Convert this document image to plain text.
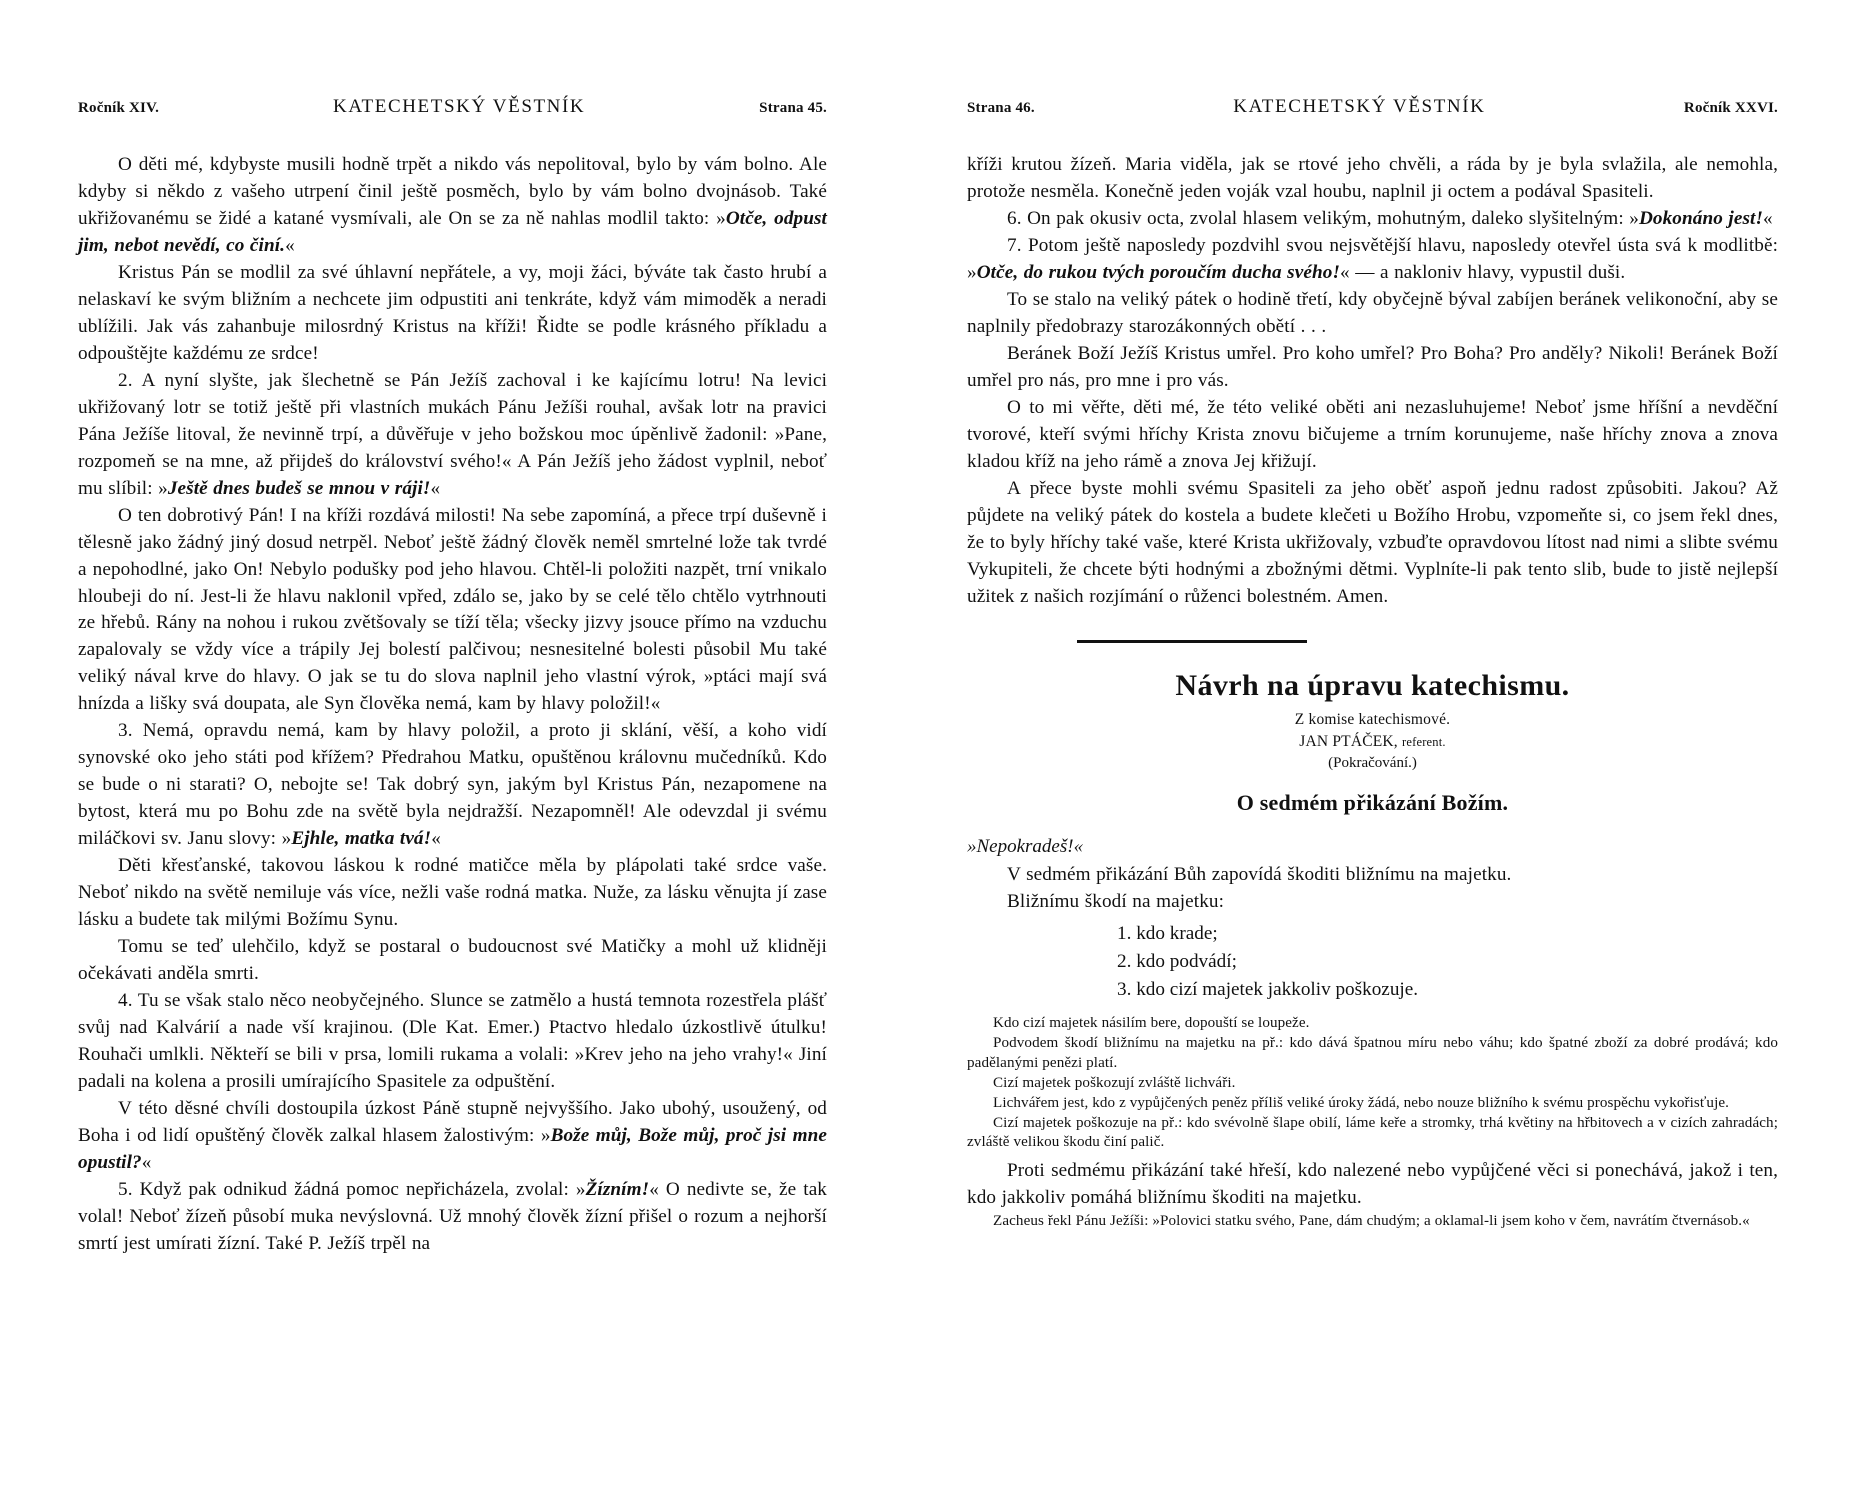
Ročník XIV.	KATECHETSKÝ VĚSTNÍK	Strana 45.

O děti mé, kdybyste musili hodně trpět a nikdo vás nepolitoval, bylo by vám bolno. Ale kdyby si někdo z vašeho utrpení činil ještě posměch, bylo by vám bolno dvojnásob. Také ukřižovanému se židé a katané vysmívali, ale On se za ně nahlas modlil takto: »Otče, odpust jim, nebot nevědí, co činí.«

Kristus Pán se modlil za své úhlavní nepřátele, a vy, moji žáci, býváte tak často hrubí a nelaskaví ke svým bližním a nechcete jim odpustiti ani tenkráte, když vám mimoděk a neradi ublížili. Jak vás zahanbuje milosrdný Kristus na kříži! Řidte se podle krásného příkladu a odpouštějte každému ze srdce!

2. A nyní slyšte, jak šlechetně se Pán Ježíš zachoval i ke kajícímu lotru! Na levici ukřižovaný lotr se totiž ještě při vlastních mukách Pánu Ježíši rouhal, avšak lotr na pravici Pána Ježíše litoval, že nevinně trpí, a důvěřuje v jeho božskou moc úpěnlivě žadonil: »Pane, rozpomeň se na mne, až přijdeš do království svého!« A Pán Ježíš jeho žádost vyplnil, neboť mu slíbil: »Ještě dnes budeš se mnou v ráji!«

O ten dobrotivý Pán! I na kříži rozdává milosti! Na sebe zapomíná, a přece trpí duševně i tělesně jako žádný jiný dosud netrpěl. Neboť ještě žádný člověk neměl smrtelné lože tak tvrdé a nepohodlné, jako On! Nebylo podušky pod jeho hlavou. Chtěl-li položiti nazpět, trní vnikalo hloubeji do ní. Jest-li že hlavu naklonil vpřed, zdálo se, jako by se celé tělo chtělo vytrhnouti ze hřebů. Rány na nohou i rukou zvětšovaly se tíží těla; všecky jizvy jsouce přímo na vzduchu zapalovaly se vždy více a trápily Jej bolestí palčivou; nesnesitelné bolesti působil Mu také veliký nával krve do hlavy. O jak se tu do slova naplnil jeho vlastní výrok, »ptáci mají svá hnízda a lišky svá doupata, ale Syn člověka nemá, kam by hlavy položil!«

3. Nemá, opravdu nemá, kam by hlavy položil, a proto ji sklání, věší, a koho vidí synovské oko jeho státi pod křížem? Předrahou Matku, opuštěnou královnu mučedníků. Kdo se bude o ni starati? O, nebojte se! Tak dobrý syn, jakým byl Kristus Pán, nezapomene na bytost, která mu po Bohu zde na světě byla nejdražší. Nezapomněl! Ale odevzdal ji svému miláčkovi sv. Janu slovy: »Ejhle, matka tvá!«

Děti křesťanské, takovou láskou k rodné matičce měla by plápolati také srdce vaše. Neboť nikdo na světě nemiluje vás více, nežli vaše rodná matka. Nuže, za lásku věnujta jí zase lásku a budete tak milými Božímu Synu.

Tomu se teď ulehčilo, když se postaral o budoucnost své Matičky a mohl už klidněji očekávati anděla smrti.

4. Tu se však stalo něco neobyčejného. Slunce se zatmělo a hustá temnota rozestřela plášť svůj nad Kalvárií a nade vší krajinou. (Dle Kat. Emer.) Ptactvo hledalo úzkostlivě útulku! Rouhači umlkli. Někteří se bili v prsa, lomili rukama a volali: »Krev jeho na jeho vrahy!« Jiní padali na kolena a prosili umírajícího Spasitele za odpuštění.

V této děsné chvíli dostoupila úzkost Páně stupně nejvyššího. Jako ubohý, usoužený, od Boha i od lidí opuštěný člověk zalkal hlasem žalostivým: »Bože můj, Bože můj, proč jsi mne opustil?«

5. Když pak odnikud žádná pomoc nepřicházela, zvolal: »Žízním!« O nedivte se, že tak volal! Neboť žízeň působí muka nevýslovná. Už mnohý člověk žízní přišel o rozum a nejhorší smrtí jest umírati žízní. Také P. Ježíš trpěl na

Strana 46.	KATECHETSKÝ VĚSTNÍK	Ročník XXVI.

kříži krutou žízeň. Maria viděla, jak se rtové jeho chvěli, a ráda by je byla svlažila, ale nemohla, protože nesměla. Konečně jeden voják vzal houbu, naplnil ji octem a podával Spasiteli.

6. On pak okusiv octa, zvolal hlasem velikým, mohutným, daleko slyšitelným: »Dokonáno jest!«

7. Potom ještě naposledy pozdvihl svou nejsvětější hlavu, naposledy otevřel ústa svá k modlitbě: »Otče, do rukou tvých poroučím ducha svého!« — a nakloniv hlavy, vypustil duši.

To se stalo na veliký pátek o hodině třetí, kdy obyčejně býval zabíjen beránek velikonoční, aby se naplnily předobrazy starozákonných obětí . . .

Beránek Boží Ježíš Kristus umřel. Pro koho umřel? Pro Boha? Pro anděly? Nikoli! Beránek Boží umřel pro nás, pro mne i pro vás.

O to mi věřte, děti mé, že této veliké oběti ani nezasluhujeme! Neboť jsme hříšní a nevděční tvorové, kteří svými hříchy Krista znovu bičujeme a trním korunujeme, naše hříchy znova a znova kladou kříž na jeho rámě a znova Jej křižují.

A přece byste mohli svému Spasiteli za jeho oběť aspoň jednu radost způsobiti. Jakou? Až půjdete na veliký pátek do kostela a budete klečeti u Božího Hrobu, vzpomeňte si, co jsem řekl dnes, že to byly hříchy také vaše, které Krista ukřižovaly, vzbuďte opravdovou lítost nad nimi a slibte svému Vykupiteli, že chcete býti hodnými a zbožnými dětmi. Vyplníte-li pak tento slib, bude to jistě nejlepší užitek z našich rozjímání o růženci bolestném. Amen.

Návrh na úpravu katechismu.

Z komise katechismové.

JAN PTÁČEK, referent.

(Pokračování.)

O sedmém přikázání Božím.

»Nepokradeš!«

V sedmém přikázání Bůh zapovídá škoditi bližnímu na majetku.

Bližnímu škodí na majetku:

1. kdo krade;
2. kdo podvádí;
3. kdo cizí majetek jakkoliv poškozuje.

Kdo cizí majetek násilím bere, dopouští se loupeže.

Podvodem škodí bližnímu na majetku na př.: kdo dává špatnou míru nebo váhu; kdo špatné zboží za dobré prodává; kdo padělanými penězi platí.

Cizí majetek poškozují zvláště lichváři.

Lichvářem jest, kdo z vypůjčených peněz příliš veliké úroky žádá, nebo nouze bližního k svému prospěchu vykořisťuje.

Cizí majetek poškozuje na př.: kdo svévolně šlape obilí, láme keře a stromky, trhá květiny na hřbitovech a v cizích zahradách; zvláště velikou škodu činí palič.

Proti sedmému přikázání také hřeší, kdo nalezené nebo vypůjčené věci si ponechává, jakož i ten, kdo jakkoliv pomáhá bližnímu škoditi na majetku.

Zacheus řekl Pánu Ježíši: »Polovici statku svého, Pane, dám chudým; a oklamal-li jsem koho v čem, navrátím čtvernásob.«
